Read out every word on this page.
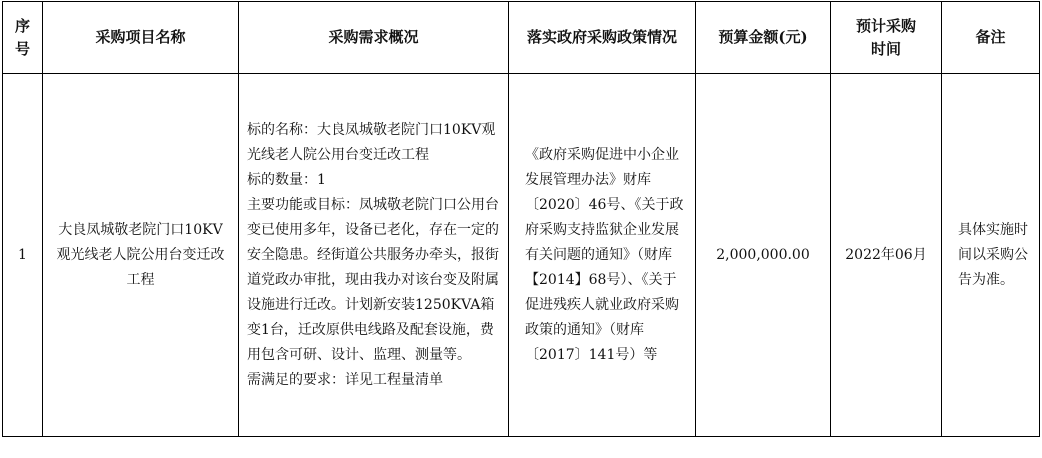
序号	采购项目名称	采购需求概况	落实政府采购政策情况	预算金额(元)	预计采购时间	备注
1	大良凤城敬老院门口10KV观光线老人院公用台变迁改工程	标的名称：大良凤城敬老院门口10KV观光线老人院公用台变迁改工程
标的数量：1
主要功能或目标：凤城敬老院门口公用台变已使用多年，设备已老化，存在一定的安全隐患。经街道公共服务办牵头，报街道党政办审批，现由我办对该台变及附属设施进行迁改。计划新安装1250KVA箱变1台，迁改原供电线路及配套设施，费用包含可研、设计、监理、测量等。
需满足的要求：详见工程量清单	《政府采购促进中小企业发展管理办法》财库〔2020〕46号、《关于政府采购支持监狱企业发展有关问题的通知》（财库【2014】68号）、《关于促进残疾人就业政府采购政策的通知》（财库〔2017〕141号）等	2,000,000.00	2022年06月	具体实施时间以采购公告为准。
